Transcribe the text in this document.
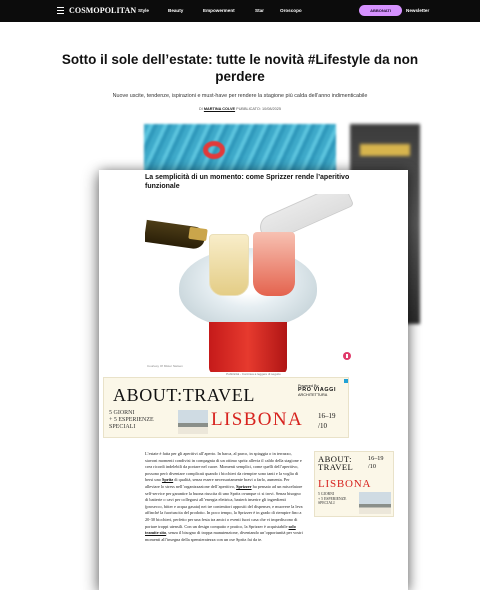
COSMOPOLITAN Style	Beauty	Empowerment	Star	Oroscopo	ABBONATI	Newsletter
Sotto il sole dell’estate: tutte le novità #Lifestyle da non perdere
Nuove uscite, tendenze, ispirazioni e must-have per rendere la stagione più calda dell’anno indimenticabile
DI MARTINA COLVE PUBBLICATO: 10/08/2025
La semplicità di un momento: come Sprizzer rende l’aperitivo funzionale
Courtesy Of Mister Nielsen
Pubblicità - Continua a leggere di seguito
ABOUT:TRAVEL	Powered By
PRO VIAGGI
ARCHITETTURA
5 GIORNI
+ 5 ESPERIENZE
SPECIALI	LISBONA 16–19
/10
L’estate è fatta per gli aperitivi all’aperto. In barca, al parco, in spiaggia o in terrazzo, stavoni momenti condivisi in compagnia di un ottimo spritz allevia il caldo della stagione e crea ricordi indelebili da portare nel cuore. Momenti semplici, come quelli dell’aperitivo, possono però diventare complicati quando i bicchieri da riempire sono tanti e la voglia di bersi uno Spritz di qualità, senza essere necessariamente bravi a farlo, aumenta. Per alleviare lo stress nell’organizzazione dell’aperitivo, Sprizzer ha pensato ad un miscelatore self-service per garantire la buona riuscita di uno Spritz ovunque ci si trovi. Senza bisogno di batterie o cavi per collegarsi all’energia elettrica, basterà inserire gli ingredienti (prosecco, bitter e acqua gasata) nei tre contenitori appositi del dispenser, e muovere la leva affinché la fuoriuscita del prodotto. In poco tempo, la Sprizzer è in grado di riempire fino a 20-30 bicchieri, perfetto per una festa tra amici o eventi fuori casa che vi impediscono di portare troppi utensili. Con un design compatto e pratico, la Sprizzer è acquistabile solo tramite sito, senza il bisogno di troppa manutenzione, diventando un’opportunità per vostri momenti all’insegna della spensieratezza con un ose Spritz fai da te.
ABOUT:
TRAVEL
16–19
/10
LISBONA
5 GIORNI
+ 5 ESPERIENZE
SPECIALI
